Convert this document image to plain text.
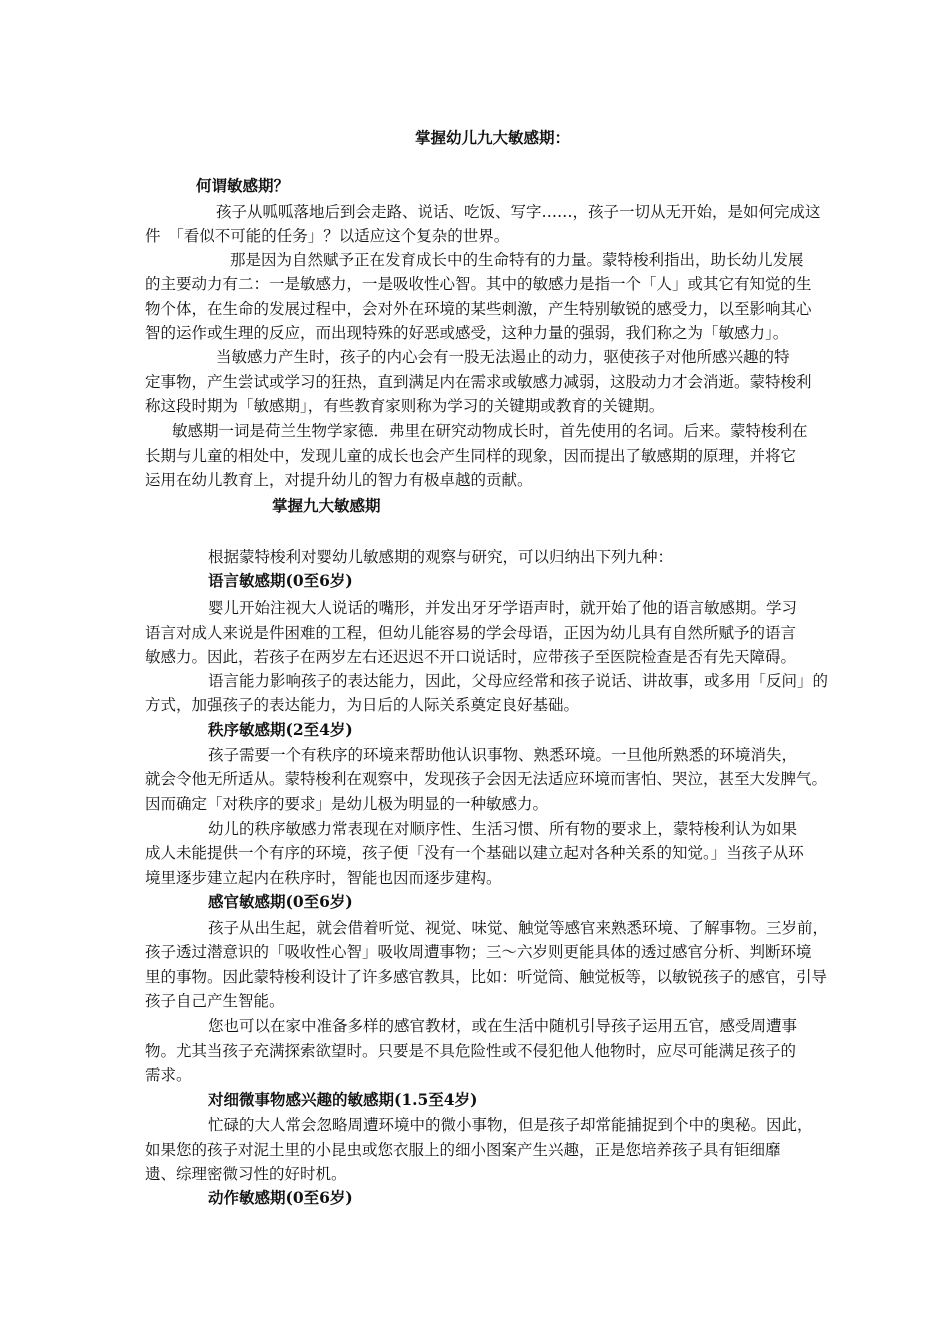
掌握幼儿九大敏感期：
何谓敏感期？
孩子从呱呱落地后到会走路、说话、吃饭、写字……，孩子一切从无开始，是如何完成这
件　「看似不可能的任务」？以适应这个复杂的世界。
那是因为自然赋予正在发育成长中的生命特有的力量。蒙特梭利指出，助长幼儿发展
的主要动力有二：一是敏感力，一是吸收性心智。其中的敏感力是指一个「人」或其它有知觉的生
物个体，在生命的发展过程中，会对外在环境的某些刺激，产生特别敏锐的感受力，以至影响其心
智的运作或生理的反应，而出现特殊的好恶或感受，这种力量的强弱，我们称之为「敏感力」。
当敏感力产生时，孩子的内心会有一股无法遏止的动力，驱使孩子对他所感兴趣的特
定事物，产生尝试或学习的狂热，直到满足内在需求或敏感力减弱，这股动力才会消逝。蒙特梭利
称这段时期为「敏感期」，有些教育家则称为学习的关键期或教育的关键期。
敏感期一词是荷兰生物学家德．弗里在研究动物成长时，首先使用的名词。后来。蒙特梭利在
长期与儿童的相处中，发现儿童的成长也会产生同样的现象，因而提出了敏感期的原理，并将它
运用在幼儿教育上，对提升幼儿的智力有极卓越的贡献。
掌握九大敏感期
根据蒙特梭利对婴幼儿敏感期的观察与研究，可以归纳出下列九种：
语言敏感期(0至6岁)
婴儿开始注视大人说话的嘴形，并发出牙牙学语声时，就开始了他的语言敏感期。学习
语言对成人来说是件困难的工程，但幼儿能容易的学会母语，正因为幼儿具有自然所赋予的语言
敏感力。因此，若孩子在两岁左右还迟迟不开口说话时，应带孩子至医院检查是否有先天障碍。
语言能力影响孩子的表达能力，因此，父母应经常和孩子说话、讲故事，或多用「反问」的
方式，加强孩子的表达能力，为日后的人际关系奠定良好基础。
秩序敏感期(2至4岁)
孩子需要一个有秩序的环境来帮助他认识事物、熟悉环境。一旦他所熟悉的环境消失，
就会令他无所适从。蒙特梭利在观察中，发现孩子会因无法适应环境而害怕、哭泣，甚至大发脾气。
因而确定「对秩序的要求」是幼儿极为明显的一种敏感力。
幼儿的秩序敏感力常表现在对顺序性、生活习惯、所有物的要求上，蒙特梭利认为如果
成人未能提供一个有序的环境，孩子便「没有一个基础以建立起对各种关系的知觉。」当孩子从环
境里逐步建立起内在秩序时，智能也因而逐步建构。
感官敏感期(0至6岁)
孩子从出生起，就会借着听觉、视觉、味觉、触觉等感官来熟悉环境、了解事物。三岁前，
孩子透过潜意识的「吸收性心智」吸收周遭事物；三～六岁则更能具体的透过感官分析、判断环境
里的事物。因此蒙特梭利设计了许多感官教具，比如：听觉筒、触觉板等，以敏锐孩子的感官，引导
孩子自己产生智能。
您也可以在家中准备多样的感官教材，或在生活中随机引导孩子运用五官，感受周遭事
物。尤其当孩子充满探索欲望时。只要是不具危险性或不侵犯他人他物时，应尽可能满足孩子的
需求。
对细微事物感兴趣的敏感期(1.5至4岁)
忙碌的大人常会忽略周遭环境中的微小事物，但是孩子却常能捕捉到个中的奥秘。因此，
如果您的孩子对泥土里的小昆虫或您衣服上的细小图案产生兴趣，正是您培养孩子具有钜细靡
遗、综理密微习性的好时机。
动作敏感期(0至6岁)
